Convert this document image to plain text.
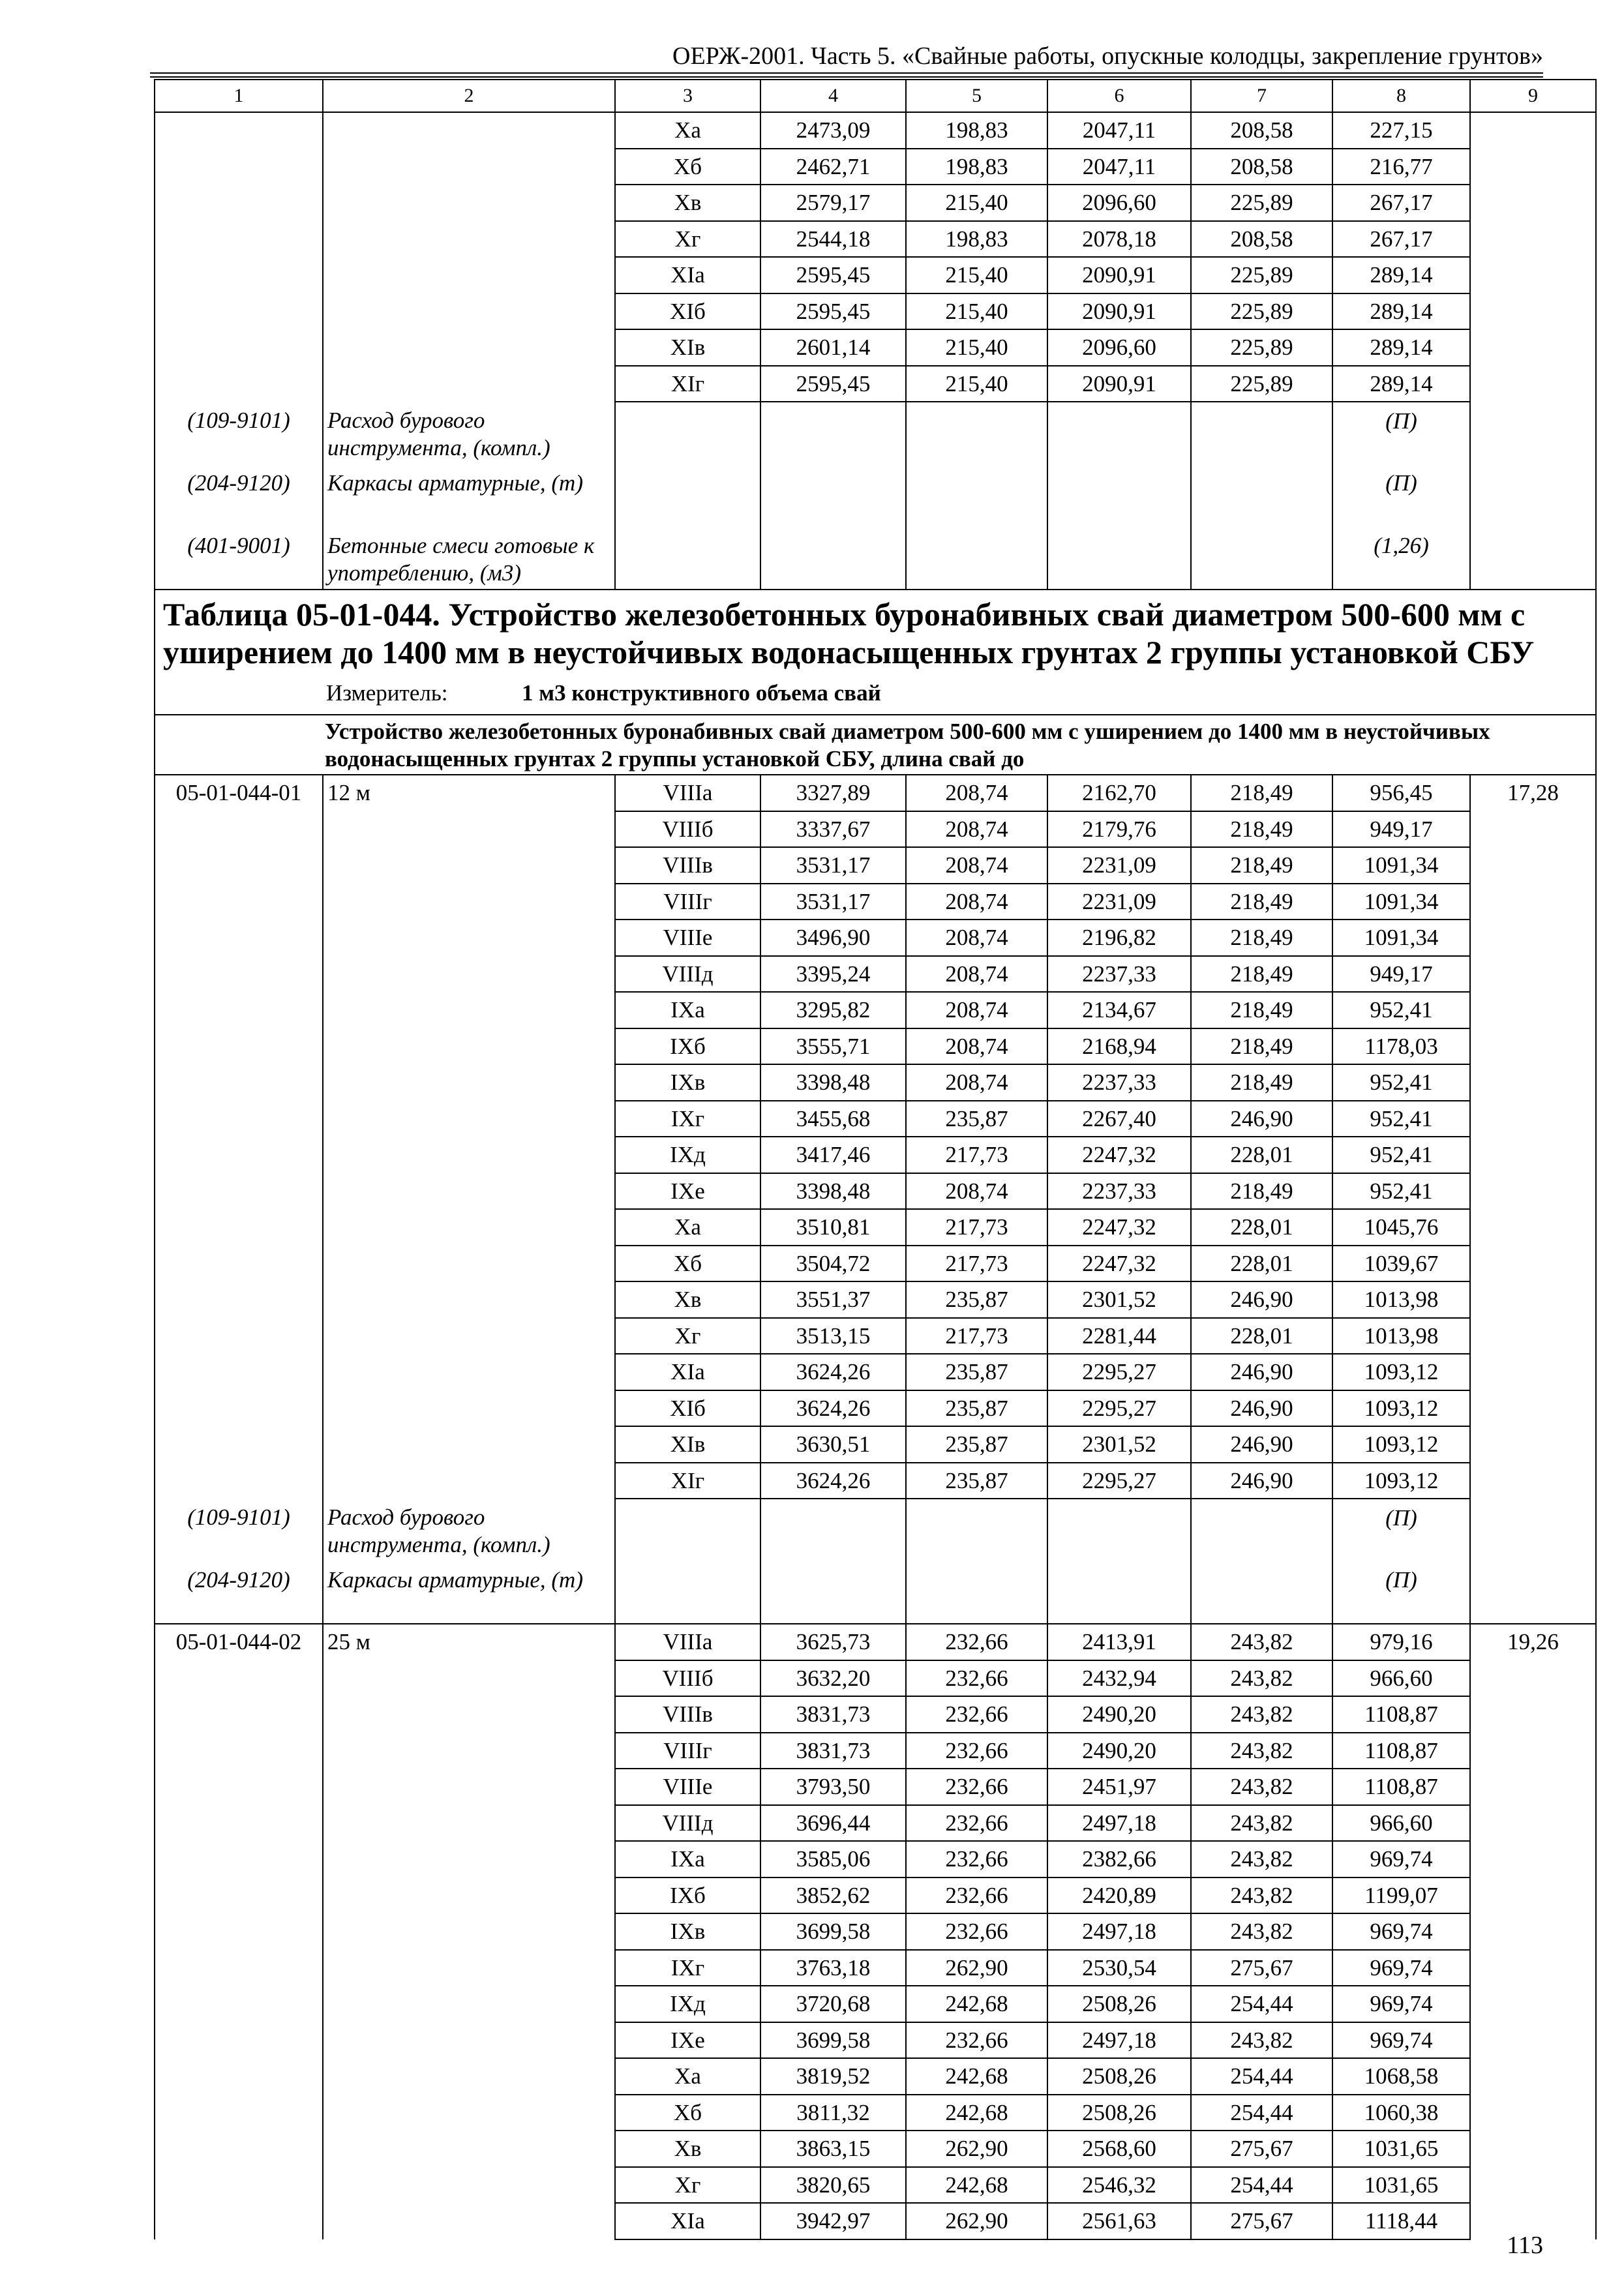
ОЕРЖ-2001. Часть 5. «Свайные работы, опускные колодцы, закрепление грунтов»
1	2	3	4	5	6	7	8	9
		Xa	2473,09	198,83	2047,11	208,58	227,15	
		Xб	2462,71	198,83	2047,11	208,58	216,77	
		Xв	2579,17	215,40	2096,60	225,89	267,17	
		Xг	2544,18	198,83	2078,18	208,58	267,17	
		XIa	2595,45	215,40	2090,91	225,89	289,14	
		XIб	2595,45	215,40	2090,91	225,89	289,14	
		XIв	2601,14	215,40	2096,60	225,89	289,14	
		XIг	2595,45	215,40	2090,91	225,89	289,14	
(109-9101)	Расход бурового инструмента, (компл.)						(П)	
(204-9120)	Каркасы арматурные, (т)						(П)	
(401-9001)	Бетонные смеси готовые к употреблению, (м3)						(1,26)	

Таблица 05-01-044. Устройство железобетонных буронабивных свай диаметром 500-600 мм с уширением до 1400 мм в неустойчивых водонасыщенных грунтах 2 группы установкой СБУ
Измеритель: 1 м3 конструктивного объема свай								

Устройство железобетонных буронабивных свай диаметром 500-600 мм с уширением до 1400 мм в неустойчивых водонасыщенных грунтах 2 группы установкой СБУ, длина свай до								
05-01-044-01	12 м	VIIIa	3327,89	208,74	2162,70	218,49	956,45	17,28
		VIIIб	3337,67	208,74	2179,76	218,49	949,17	
		VIIIв	3531,17	208,74	2231,09	218,49	1091,34	
		VIIIг	3531,17	208,74	2231,09	218,49	1091,34	
		VIIIe	3496,90	208,74	2196,82	218,49	1091,34	
		VIIIд	3395,24	208,74	2237,33	218,49	949,17	
		IXa	3295,82	208,74	2134,67	218,49	952,41	
		IXб	3555,71	208,74	2168,94	218,49	1178,03	
		IXв	3398,48	208,74	2237,33	218,49	952,41	
		IXг	3455,68	235,87	2267,40	246,90	952,41	
		IXд	3417,46	217,73	2247,32	228,01	952,41	
		IXe	3398,48	208,74	2237,33	218,49	952,41	
		Xa	3510,81	217,73	2247,32	228,01	1045,76	
		Xб	3504,72	217,73	2247,32	228,01	1039,67	
		Xв	3551,37	235,87	2301,52	246,90	1013,98	
		Xг	3513,15	217,73	2281,44	228,01	1013,98	
		XIa	3624,26	235,87	2295,27	246,90	1093,12	
		XIб	3624,26	235,87	2295,27	246,90	1093,12	
		XIв	3630,51	235,87	2301,52	246,90	1093,12	
		XIг	3624,26	235,87	2295,27	246,90	1093,12	
(109-9101)	Расход бурового инструмента, (компл.)						(П)	
(204-9120)	Каркасы арматурные, (т)						(П)	
05-01-044-02	25 м	VIIIa	3625,73	232,66	2413,91	243,82	979,16	19,26
		VIIIб	3632,20	232,66	2432,94	243,82	966,60	
		VIIIв	3831,73	232,66	2490,20	243,82	1108,87	
		VIIIг	3831,73	232,66	2490,20	243,82	1108,87	
		VIIIe	3793,50	232,66	2451,97	243,82	1108,87	
		VIIIд	3696,44	232,66	2497,18	243,82	966,60	
		IXa	3585,06	232,66	2382,66	243,82	969,74	
		IXб	3852,62	232,66	2420,89	243,82	1199,07	
		IXв	3699,58	232,66	2497,18	243,82	969,74	
		IXг	3763,18	262,90	2530,54	275,67	969,74	
		IXд	3720,68	242,68	2508,26	254,44	969,74	
		IXe	3699,58	232,66	2497,18	243,82	969,74	
		Xa	3819,52	242,68	2508,26	254,44	1068,58	
		Xб	3811,32	242,68	2508,26	254,44	1060,38	
		Xв	3863,15	262,90	2568,60	275,67	1031,65	
		Xг	3820,65	242,68	2546,32	254,44	1031,65	
		XIa	3942,97	262,90	2561,63	275,67	1118,44	
113
